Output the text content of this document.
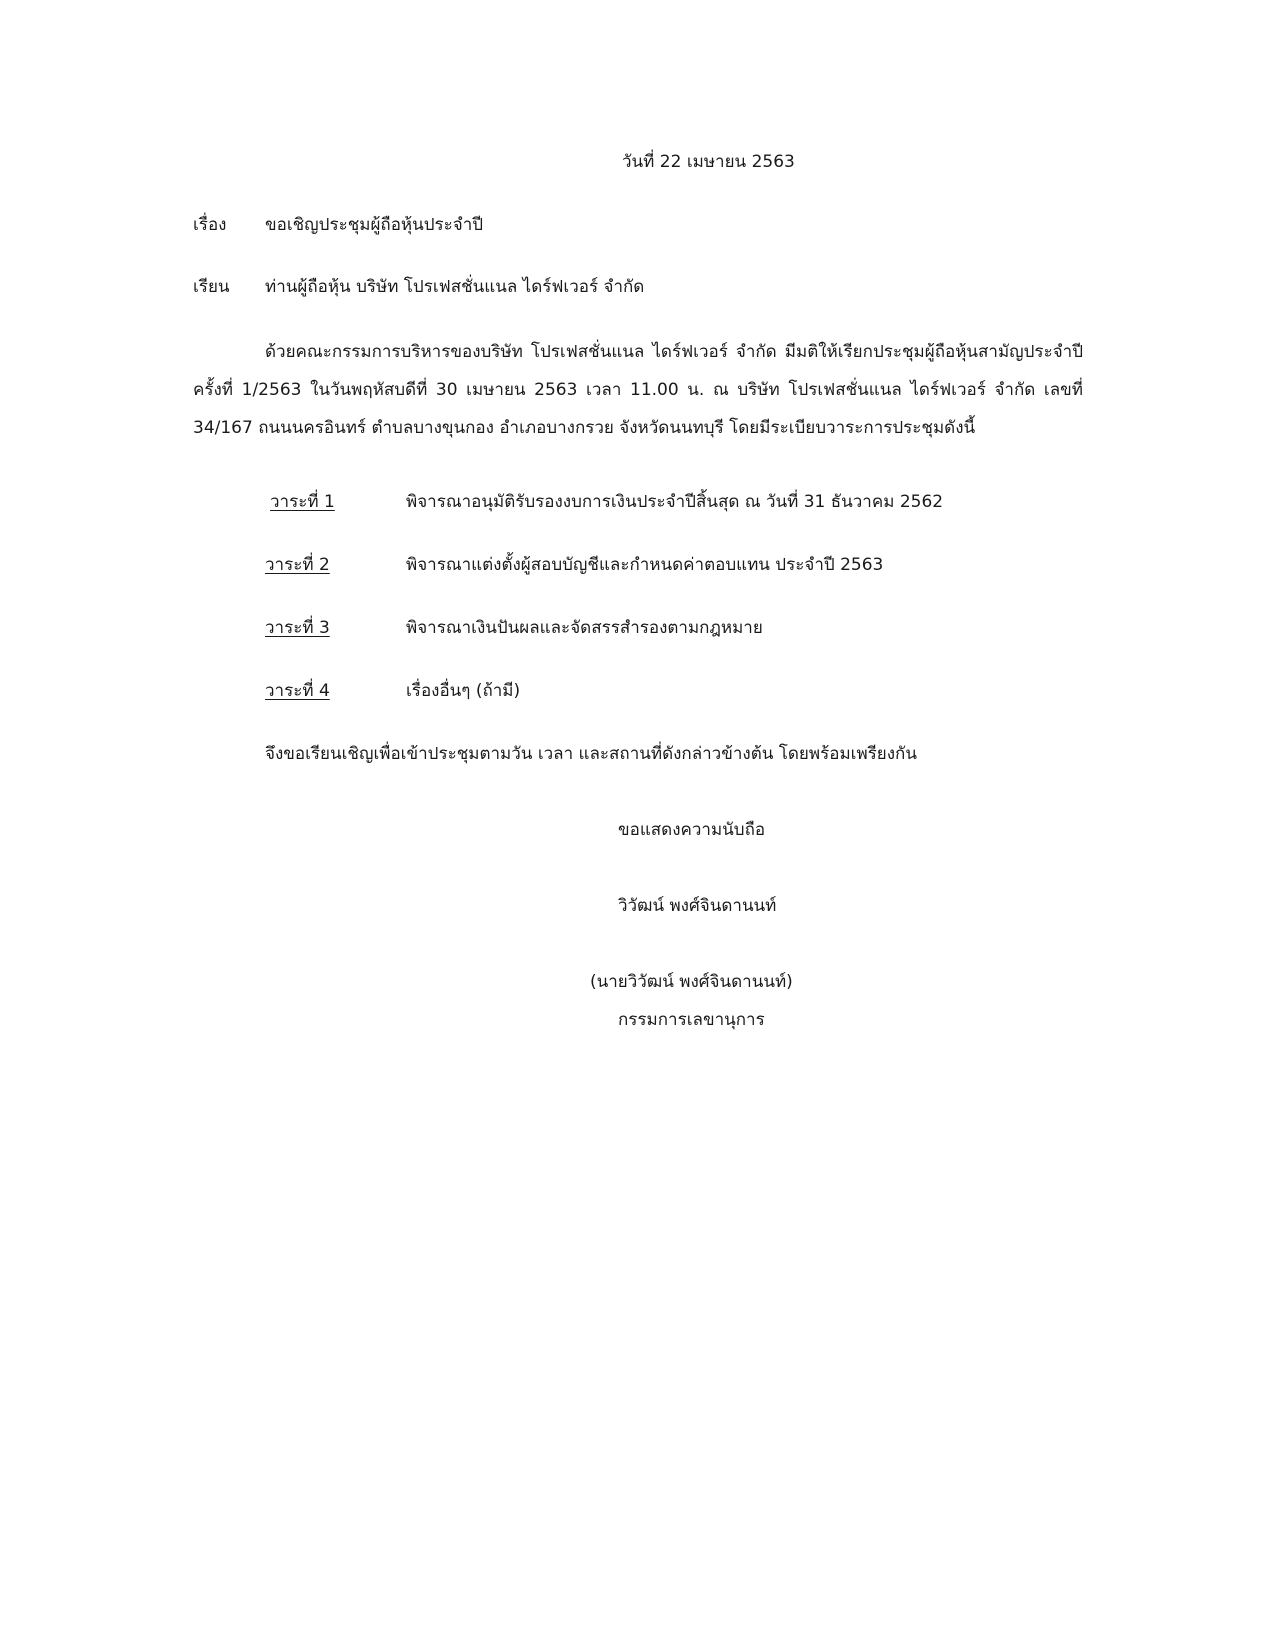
วันที่ 22 เมษายน 2563
เรื่อง ขอเชิญประชุมผู้ถือหุ้นประจำปี
เรียน ท่านผู้ถือหุ้น บริษัท โปรเฟสชั่นแนล ไดร์ฟเวอร์ จำกัด
ด้วยคณะกรรมการบริหารของบริษัท โปรเฟสชั่นแนล ไดร์ฟเวอร์ จำกัด มีมติให้เรียกประชุมผู้ถือหุ้นสามัญประจำปี ครั้งที่ 1/2563 ในวันพฤหัสบดีที่ 30 เมษายน 2563 เวลา 11.00 น. ณ บริษัท โปรเฟสชั่นแนล ไดร์ฟเวอร์ จำกัด เลขที่ 34/167 ถนนนครอินทร์ ตำบลบางขุนกอง อำเภอบางกรวย จังหวัดนนทบุรี โดยมีระเบียบวาระการประชุมดังนี้
วาระที่ 1	พิจารณาอนุมัติรับรองงบการเงินประจำปีสิ้นสุด ณ วันที่ 31 ธันวาคม 2562
วาระที่ 2	พิจารณาแต่งตั้งผู้สอบบัญชีและกำหนดค่าตอบแทน ประจำปี 2563
วาระที่ 3	พิจารณาเงินปันผลและจัดสรรสำรองตามกฎหมาย
วาระที่ 4	เรื่องอื่นๆ (ถ้ามี)
จึงขอเรียนเชิญเพื่อเข้าประชุมตามวัน เวลา และสถานที่ดังกล่าวข้างต้น โดยพร้อมเพรียงกัน
ขอแสดงความนับถือ
วิวัฒน์ พงศ์จินดานนท์
(นายวิวัฒน์ พงศ์จินดานนท์)
กรรมการเลขานุการ
